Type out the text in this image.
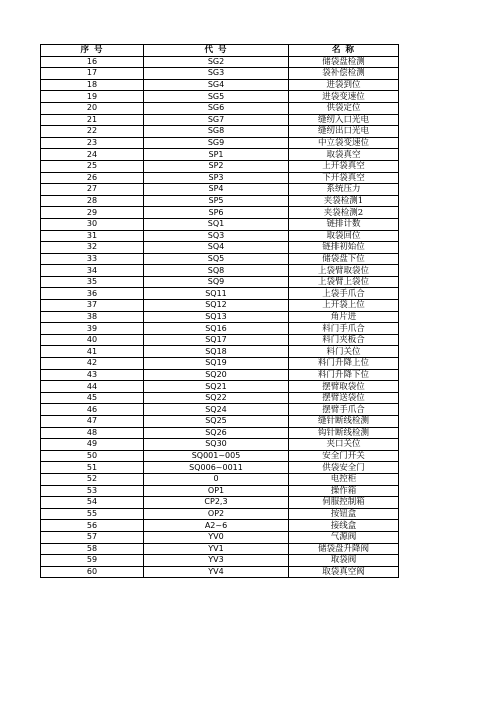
序 号	代 号	名 称
16	SG2	储袋盘检测
17	SG3	袋补偿检测
18	SG4	进袋到位
19	SG5	进袋变速位
20	SG6	供袋定位
21	SG7	缝纫入口光电
22	SG8	缝纫出口光电
23	SG9	中立袋变速位
24	SP1	取袋真空
25	SP2	上开袋真空
26	SP3	下开袋真空
27	SP4	系统压力
28	SP5	夹袋检测1
29	SP6	夹袋检测2
30	SQ1	链排计数
31	SQ3	取袋回位
32	SQ4	链排初始位
33	SQ5	储袋盘下位
34	SQ8	上袋臂取袋位
35	SQ9	上袋臂上袋位
36	SQ11	上袋手爪合
37	SQ12	上开袋上位
38	SQ13	角片进
39	SQ16	料门手爪合
40	SQ17	料门夹板合
41	SQ18	料门关位
42	SQ19	料门升降上位
43	SQ20	料门升降下位
44	SQ21	摆臂取袋位
45	SQ22	摆臂送袋位
46	SQ24	摆臂手爪合
47	SQ25	缝针断线检测
48	SQ26	钩针断线检测
49	SQ30	夹口关位
50	SQ001~005	安全门开关
51	SQ006~0011	供袋安全门
52	0	电控柜
53	OP1	操作箱
54	CP2,3	伺服控制箱
55	OP2	按钮盒
56	A2~6	接线盒
57	YV0	气源阀
58	YV1	储袋盘升降阀
59	YV3	取袋阀
60	YV4	取袋真空阀
